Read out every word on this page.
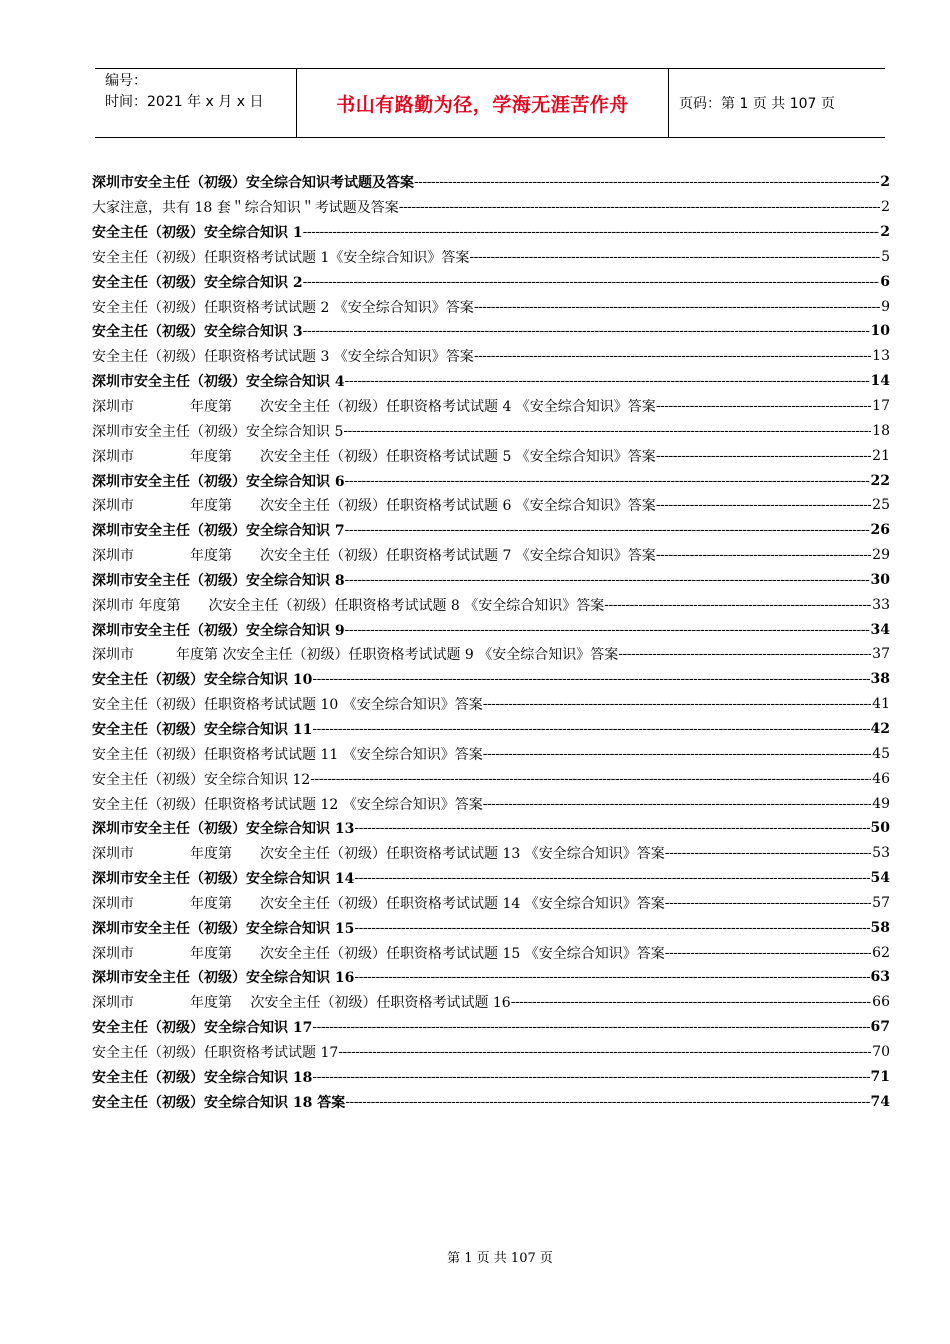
编号：
时间：2021 年 x 月 x 日	书山有路勤为径，学海无涯苦作舟	页码：第 1 页 共 107 页
深圳市安全主任（初级）安全综合知识考试题及答案 -----	2
大家注意，共有 18 套＂综合知识＂考试题及答案 -----	2
安全主任（初级）安全综合知识 1 -----	2
安全主任（初级）任职资格考试试题 1《安全综合知识》答案 -----	5
安全主任（初级）安全综合知识 2 -----	6
安全主任（初级）任职资格考试试题 2 《安全综合知识》答案 -----	9
安全主任（初级）安全综合知识 3 -----	10
安全主任（初级）任职资格考试试题 3 《安全综合知识》答案 -----	13
深圳市安全主任（初级）安全综合知识 4 -----	14
深圳市　　　　年度第　　次安全主任（初级）任职资格考试试题 4 《安全综合知识》答案 -----	17
深圳市安全主任（初级）安全综合知识 5 -----	18
深圳市　　　　年度第　　次安全主任（初级）任职资格考试试题 5 《安全综合知识》答案 -----	21
深圳市安全主任（初级）安全综合知识 6 -----	22
深圳市　　　　年度第　　次安全主任（初级）任职资格考试试题 6 《安全综合知识》答案 -----	25
深圳市安全主任（初级）安全综合知识 7 -----	26
深圳市　　　　年度第　　次安全主任（初级）任职资格考试试题 7 《安全综合知识》答案 -----	29
深圳市安全主任（初级）安全综合知识 8 -----	30
深圳市 年度第　　次安全主任（初级）任职资格考试试题 8 《安全综合知识》答案 -----	33
深圳市安全主任（初级）安全综合知识 9 -----	34
深圳市　　　年度第 次安全主任（初级）任职资格考试试题 9 《安全综合知识》答案 -----	37
安全主任（初级）安全综合知识 10 -----	38
安全主任（初级）任职资格考试试题 10 《安全综合知识》答案 -----	41
安全主任（初级）安全综合知识 11 -----	42
安全主任（初级）任职资格考试试题 11 《安全综合知识》答案 -----	45
安全主任（初级）安全综合知识 12 -----	46
安全主任（初级）任职资格考试试题 12 《安全综合知识》答案 -----	49
深圳市安全主任（初级）安全综合知识 13 -----	50
深圳市　　　　年度第　　次安全主任（初级）任职资格考试试题 13 《安全综合知识》答案 -----	53
深圳市安全主任（初级）安全综合知识 14 -----	54
深圳市　　　　年度第　　次安全主任（初级）任职资格考试试题 14 《安全综合知识》答案 -----	57
深圳市安全主任（初级）安全综合知识 15 -----	58
深圳市　　　　年度第　　次安全主任（初级）任职资格考试试题 15 《安全综合知识》答案 -----	62
深圳市安全主任（初级）安全综合知识 16 -----	63
深圳市　　　　年度第　 次安全主任（初级）任职资格考试试题 16 -----	66
安全主任（初级）安全综合知识 17 -----	67
安全主任（初级）任职资格考试试题 17 -----	70
安全主任（初级）安全综合知识 18 -----	71
安全主任（初级）安全综合知识 18 答案 -----	74
第 1 页 共 107 页
